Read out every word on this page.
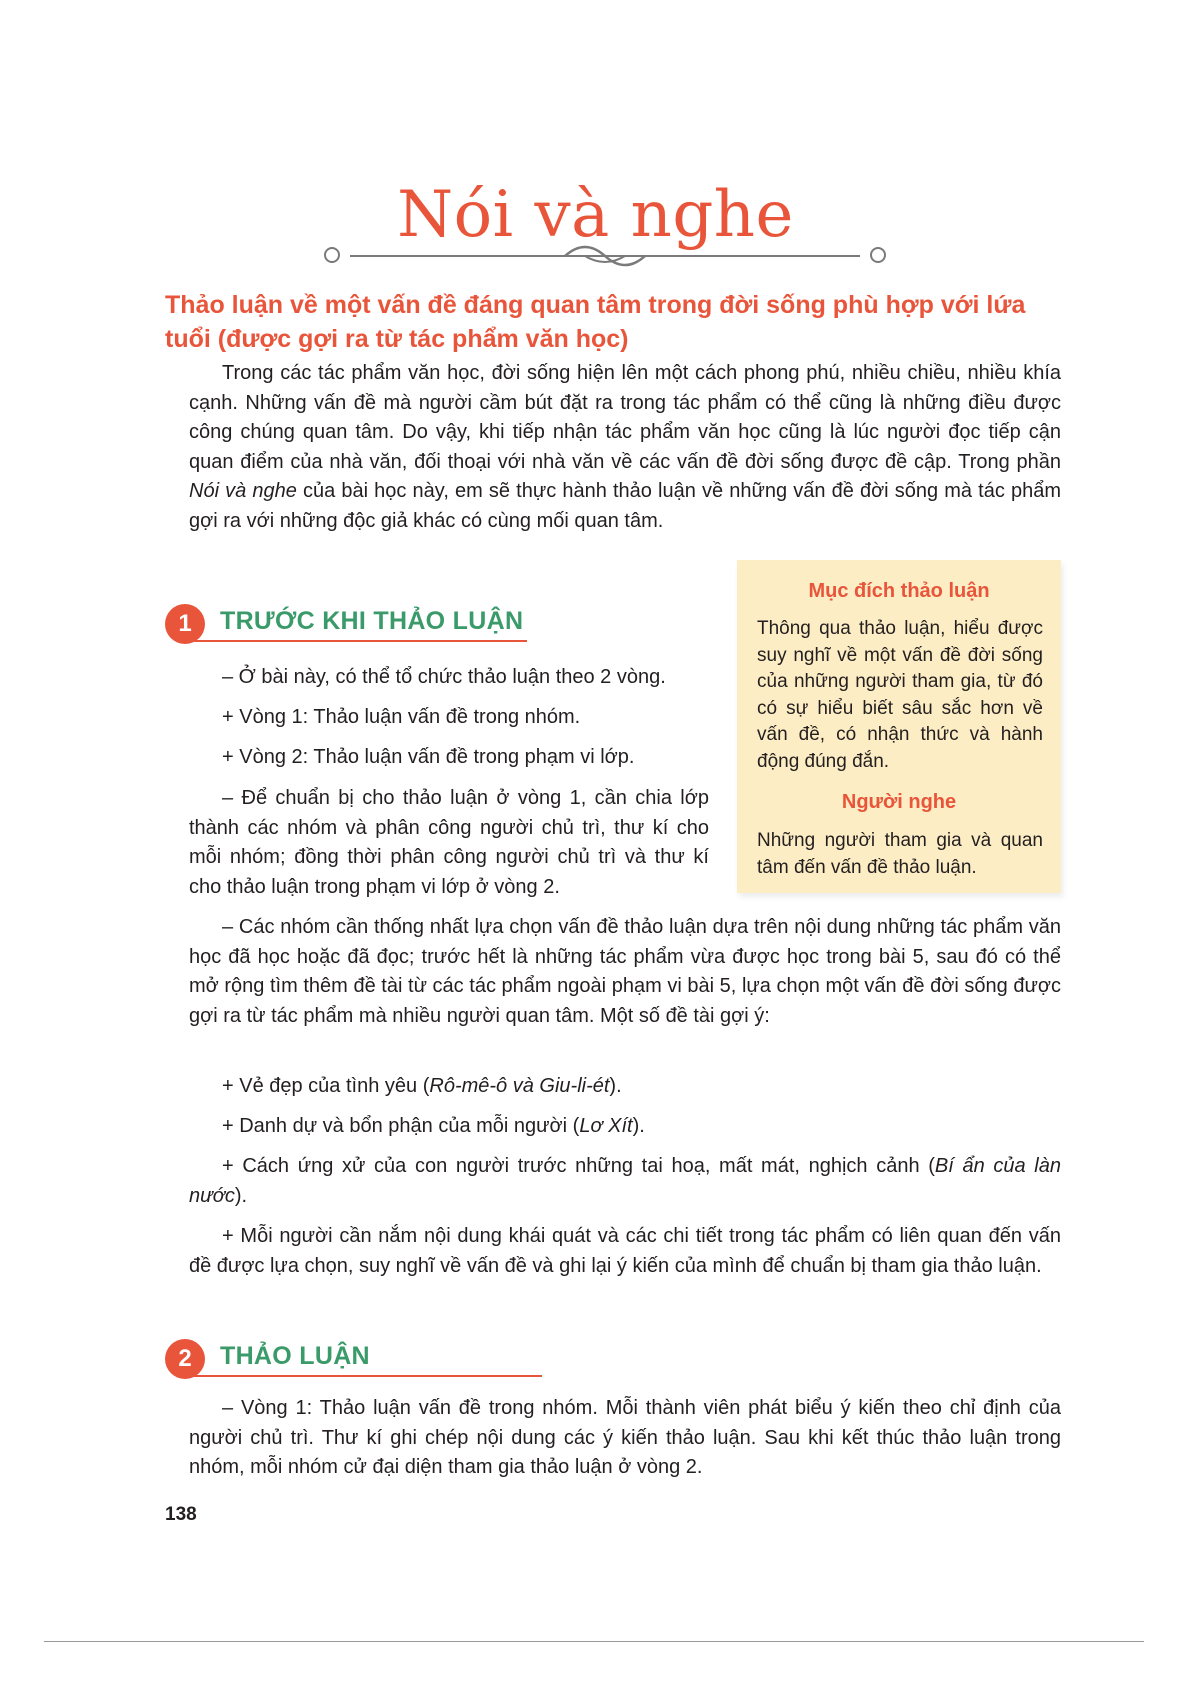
Nói và nghe
Thảo luận về một vấn đề đáng quan tâm trong đời sống phù hợp với lứa tuổi (được gợi ra từ tác phẩm văn học)

Trong các tác phẩm văn học, đời sống hiện lên một cách phong phú, nhiều chiều, nhiều khía cạnh. Những vấn đề mà người cầm bút đặt ra trong tác phẩm có thể cũng là những điều được công chúng quan tâm. Do vậy, khi tiếp nhận tác phẩm văn học cũng là lúc người đọc tiếp cận quan điểm của nhà văn, đối thoại với nhà văn về các vấn đề đời sống được đề cập. Trong phần Nói và nghe của bài học này, em sẽ thực hành thảo luận về những vấn đề đời sống mà tác phẩm gợi ra với những độc giả khác có cùng mối quan tâm.

Mục đích thảo luận

Thông qua thảo luận, hiểu được suy nghĩ về một vấn đề đời sống của những người tham gia, từ đó có sự hiểu biết sâu sắc hơn về vấn đề, có nhận thức và hành động đúng đắn.

Người nghe

Những người tham gia và quan tâm đến vấn đề thảo luận.

1	TRƯỚC KHI THẢO LUẬN

– Ở bài này, có thể tổ chức thảo luận theo 2 vòng.

+ Vòng 1: Thảo luận vấn đề trong nhóm.

+ Vòng 2: Thảo luận vấn đề trong phạm vi lớp.

– Để chuẩn bị cho thảo luận ở vòng 1, cần chia lớp thành các nhóm và phân công người chủ trì, thư kí cho mỗi nhóm; đồng thời phân công người chủ trì và thư kí cho thảo luận trong phạm vi lớp ở vòng 2.

– Các nhóm cần thống nhất lựa chọn vấn đề thảo luận dựa trên nội dung những tác phẩm văn học đã học hoặc đã đọc; trước hết là những tác phẩm vừa được học trong bài 5, sau đó có thể mở rộng tìm thêm đề tài từ các tác phẩm ngoài phạm vi bài 5, lựa chọn một vấn đề đời sống được gợi ra từ tác phẩm mà nhiều người quan tâm. Một số đề tài gợi ý:

+ Vẻ đẹp của tình yêu (Rô-mê-ô và Giu-li-ét).

+ Danh dự và bổn phận của mỗi người (Lơ Xít).

+ Cách ứng xử của con người trước những tai hoạ, mất mát, nghịch cảnh (Bí ẩn của làn nước).

+ Mỗi người cần nắm nội dung khái quát và các chi tiết trong tác phẩm có liên quan đến vấn đề được lựa chọn, suy nghĩ về vấn đề và ghi lại ý kiến của mình để chuẩn bị tham gia thảo luận.

2	THẢO LUẬN

– Vòng 1: Thảo luận vấn đề trong nhóm. Mỗi thành viên phát biểu ý kiến theo chỉ định của người chủ trì. Thư kí ghi chép nội dung các ý kiến thảo luận. Sau khi kết thúc thảo luận trong nhóm, mỗi nhóm cử đại diện tham gia thảo luận ở vòng 2.

138
